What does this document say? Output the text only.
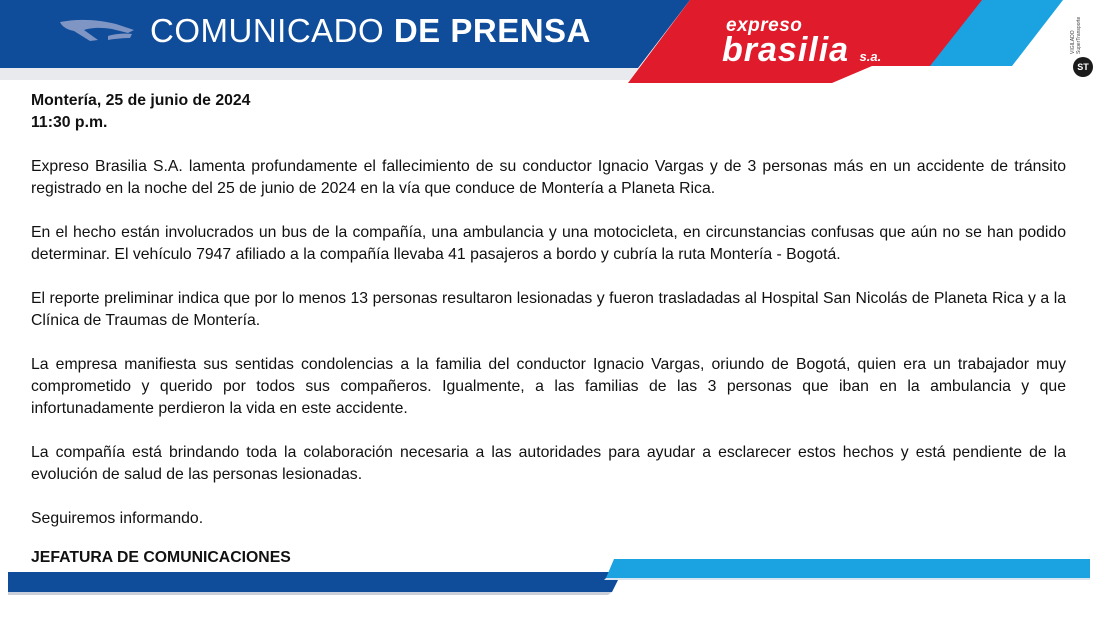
COMUNICADO DE PRENSA	expreso
brasilia s.a.
VIGILADO SuperTransporte
ST

Montería, 25 de junio de 2024

11:30 p.m.

Expreso Brasilia S.A. lamenta profundamente el fallecimiento de su conductor Ignacio Vargas y de 3 personas más en un accidente de tránsito registrado en la noche del 25 de junio de 2024 en la vía que conduce de Montería a Planeta Rica.

En el hecho están involucrados un bus de la compañía, una ambulancia y una motocicleta, en circunstancias confusas que aún no se han podido determinar. El vehículo 7947 afiliado a la compañía llevaba 41 pasajeros a bordo y cubría la ruta Montería - Bogotá.

El reporte preliminar indica que por lo menos 13 personas resultaron lesionadas y fueron trasladadas al Hospital San Nicolás de Planeta Rica y a la Clínica de Traumas de Montería.

La empresa manifiesta sus sentidas condolencias a la familia del conductor Ignacio Vargas, oriundo de Bogotá, quien era un trabajador muy comprometido y querido por todos sus compañeros. Igualmente, a las familias de las 3 personas que iban en la ambulancia y que infortunadamente perdieron la vida en este accidente.

La compañía está brindando toda la colaboración necesaria a las autoridades para ayudar a esclarecer estos hechos y está pendiente de la evolución de salud de las personas lesionadas.

Seguiremos informando.

JEFATURA DE COMUNICACIONES
